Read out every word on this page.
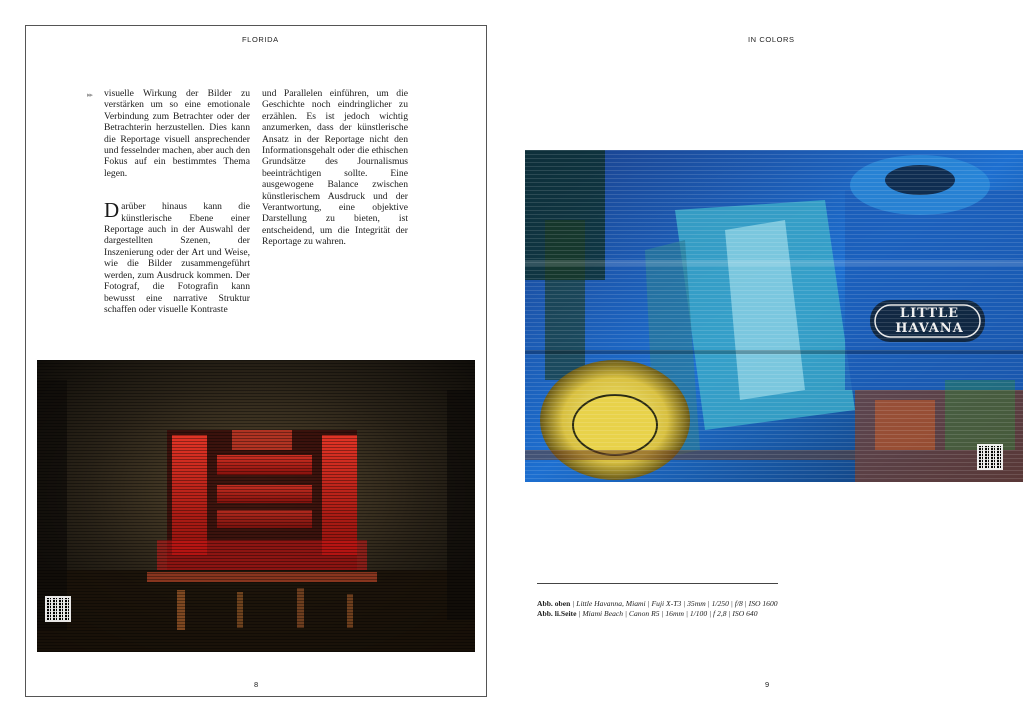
FLORIDA
▸▸ visuelle Wirkung der Bilder zu verstärken um so eine emotionale Verbindung zum Betrachter oder der Betrachterin herzustellen. Dies kann die Reportage visuell ansprechender und fesselnder machen, aber auch den Fokus auf ein bestimmtes Thema legen.

Darüber hinaus kann die künstlerische Ebene einer Reportage auch in der Auswahl der dargestellten Szenen, der Inszenierung oder der Art und Weise, wie die Bilder zusammengeführt werden, zum Ausdruck kommen. Der Fotograf, die Fotografin kann bewusst eine narrative Struktur schaffen oder visuelle Kontraste

und Parallelen einführen, um die Geschichte noch eindringlicher zu erzählen. Es ist jedoch wichtig anzumerken, dass der künstlerische Ansatz in der Reportage nicht den Informationsgehalt oder die ethischen Grundsätze des Journalismus beeinträchtigen sollte. Eine ausgewogene Balance zwischen künstlerischem Ausdruck und der Verantwortung, eine objektive Darstellung zu bieten, ist entscheidend, um die Integrität der Reportage zu wahren.

8
IN COLORS
LITTLE HAVANA
Abb. oben | Little Havanna, Miami | Fuji X-T3 | 35mm | 1/250 | f/8 | ISO 1600
Abb. li.Seite | Miami Beach | Canon R5 | 16mm | 1/100 | f 2,8 | ISO 640
9
